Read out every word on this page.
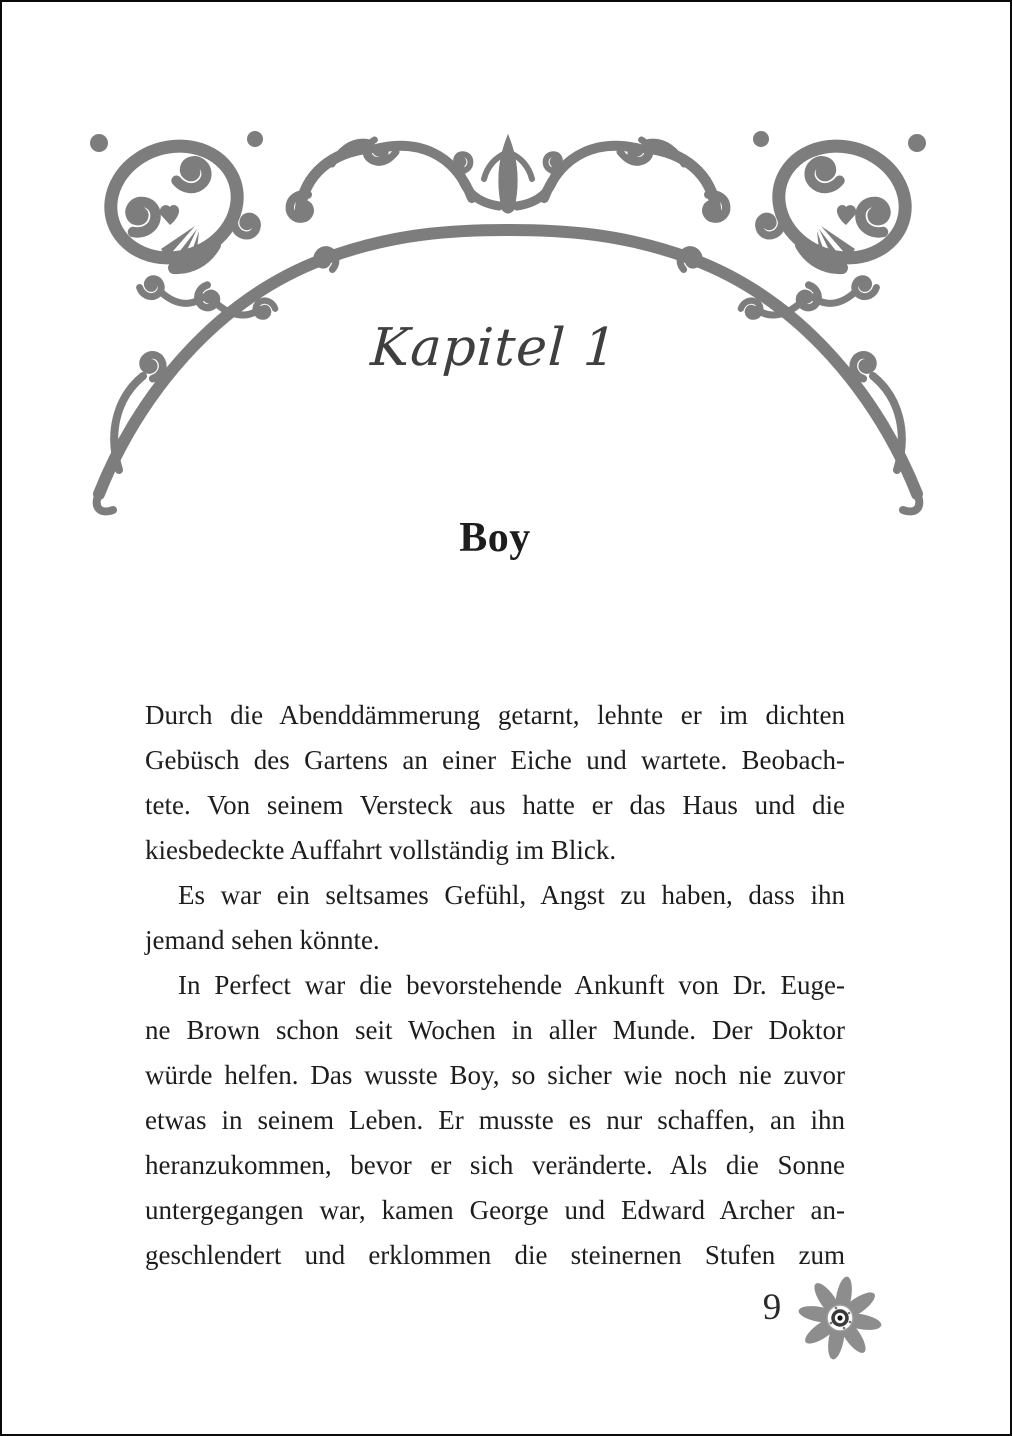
Kapitel 1
Boy
Durch die Abenddämmerung getarnt, lehnte er im dichten
Gebüsch des Gartens an einer Eiche und wartete. Beobach-
tete. Von seinem Versteck aus hatte er das Haus und die
kiesbedeckte Auffahrt vollständig im Blick.
Es war ein seltsames Gefühl, Angst zu haben, dass ihn
jemand sehen könnte.
In Perfect war die bevorstehende Ankunft von Dr. Euge-
ne Brown schon seit Wochen in aller Munde. Der Doktor
würde helfen. Das wusste Boy, so sicher wie noch nie zuvor
etwas in seinem Leben. Er musste es nur schaffen, an ihn
heranzukommen, bevor er sich veränderte. Als die Sonne
untergegangen war, kamen George und Edward Archer an-
geschlendert und erklommen die steinernen Stufen zum
9
